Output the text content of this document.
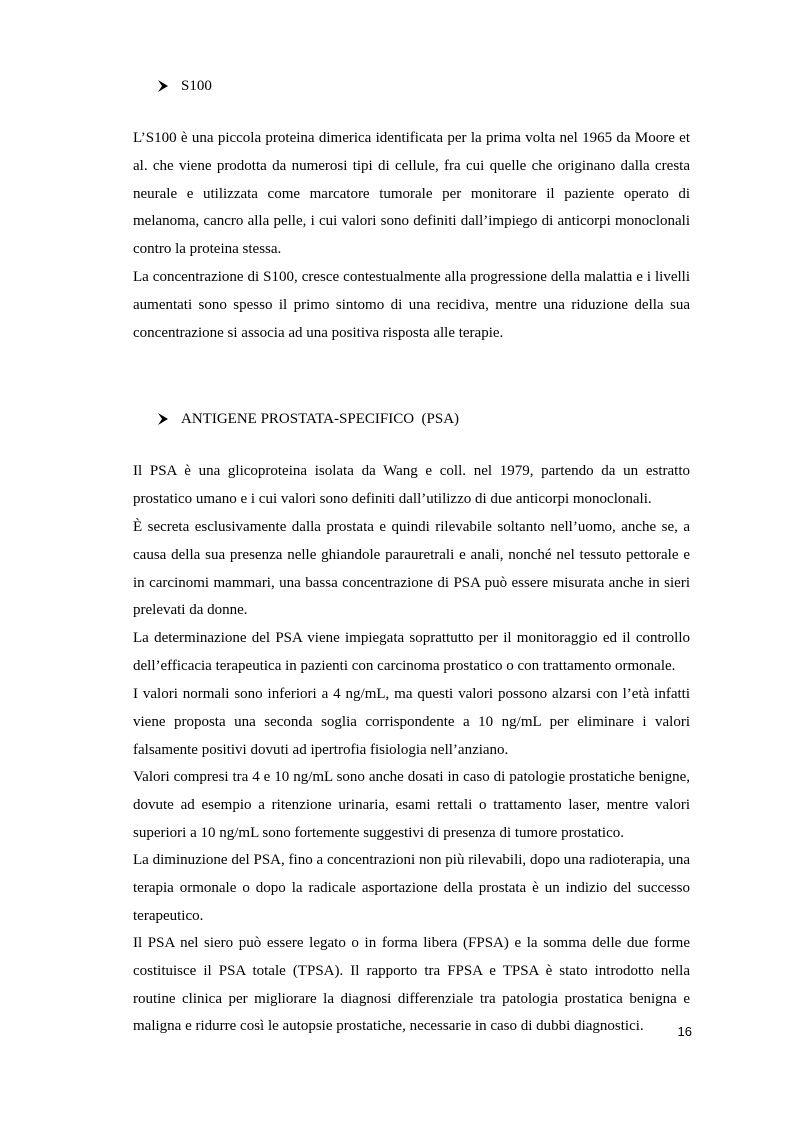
S100

L’S100 è una piccola proteina dimerica identificata per la prima volta nel 1965 da Moore et al. che viene prodotta da numerosi tipi di cellule, fra cui quelle che originano dalla cresta neurale e utilizzata come marcatore tumorale per monitorare il paziente operato di melanoma, cancro alla pelle, i cui valori sono definiti dall’impiego di anticorpi monoclonali contro la proteina stessa.

La concentrazione di S100, cresce contestualmente alla progressione della malattia e i livelli aumentati sono spesso il primo sintomo di una recidiva, mentre una riduzione della sua concentrazione si associa ad una positiva risposta alle terapie.

ANTIGENE PROSTATA-SPECIFICO  (PSA)

Il PSA è una glicoproteina isolata da Wang e coll. nel 1979, partendo da un estratto prostatico umano e i cui valori sono definiti dall’utilizzo di due anticorpi monoclonali.

È secreta esclusivamente dalla prostata e quindi rilevabile soltanto nell’uomo, anche se, a causa della sua presenza nelle ghiandole parauretrali e anali, nonché nel tessuto pettorale e in carcinomi mammari, una bassa concentrazione di PSA può essere misurata anche in sieri prelevati da donne.

La determinazione del PSA viene impiegata soprattutto per il monitoraggio ed il controllo dell’efficacia terapeutica in pazienti con carcinoma prostatico o con trattamento ormonale.

I valori normali sono inferiori a 4 ng/mL, ma questi valori possono alzarsi con l’età infatti viene proposta una seconda soglia corrispondente a 10 ng/mL per eliminare i valori falsamente positivi dovuti ad ipertrofia fisiologia nell’anziano.

Valori compresi tra 4 e 10 ng/mL sono anche dosati in caso di patologie prostatiche benigne, dovute ad esempio a ritenzione urinaria, esami rettali o trattamento laser, mentre valori superiori a 10 ng/mL sono fortemente suggestivi di presenza di tumore prostatico.

La diminuzione del PSA, fino a concentrazioni non più rilevabili, dopo una radioterapia, una terapia ormonale o dopo la radicale asportazione della prostata è un indizio del successo terapeutico.

Il PSA nel siero può essere legato o in forma libera (FPSA) e la somma delle due forme costituisce il PSA totale (TPSA). Il rapporto tra FPSA e TPSA è stato introdotto nella routine clinica per migliorare la diagnosi differenziale tra patologia prostatica benigna e maligna e ridurre così le autopsie prostatiche, necessarie in caso di dubbi diagnostici.	16
